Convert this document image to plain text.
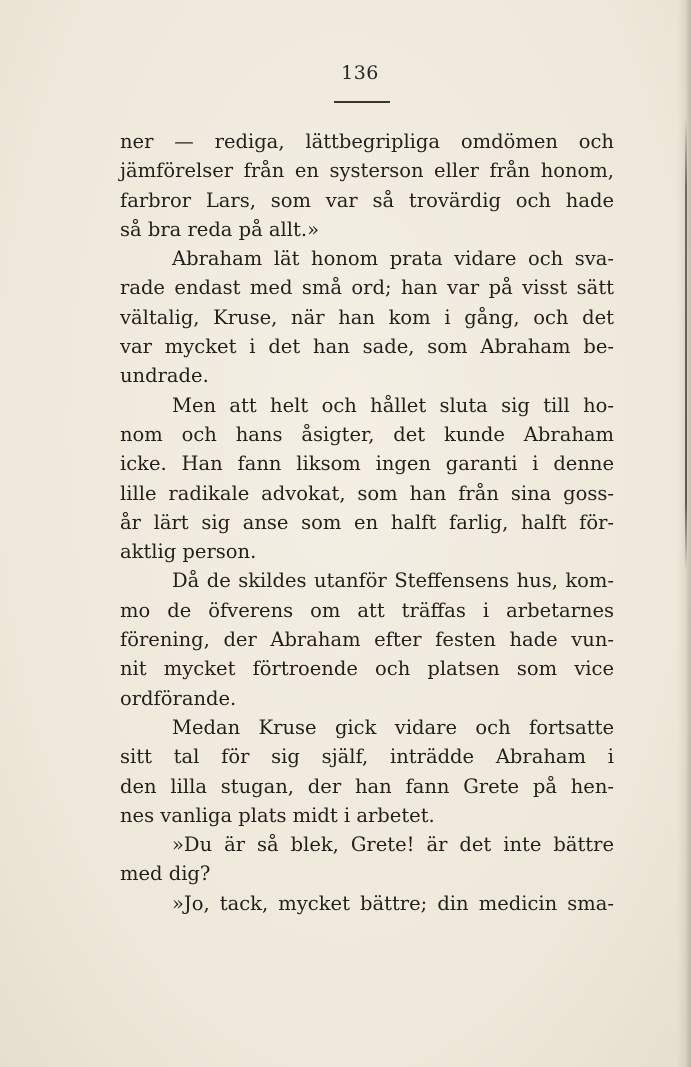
136
ner — rediga, lättbegripliga omdömen och
jämförelser från en systerson eller från honom,
farbror Lars, som var så trovärdig och hade
så bra reda på allt.»
Abraham lät honom prata vidare och sva-
rade endast med små ord; han var på visst sätt
vältalig, Kruse, när han kom i gång, och det
var mycket i det han sade, som Abraham be-
undrade.
Men att helt och hållet sluta sig till ho-
nom och hans åsigter, det kunde Abraham
icke. Han fann liksom ingen garanti i denne
lille radikale advokat, som han från sina goss-
år lärt sig anse som en halft farlig, halft för-
aktlig person.
Då de skildes utanför Steffensens hus, kom-
mo de öfverens om att träffas i arbetarnes
förening, der Abraham efter festen hade vun-
nit mycket förtroende och platsen som vice
ordförande.
Medan Kruse gick vidare och fortsatte
sitt tal för sig själf, inträdde Abraham i
den lilla stugan, der han fann Grete på hen-
nes vanliga plats midt i arbetet.
»Du är så blek, Grete! är det inte bättre
med dig?
»Jo, tack, mycket bättre; din medicin sma-
